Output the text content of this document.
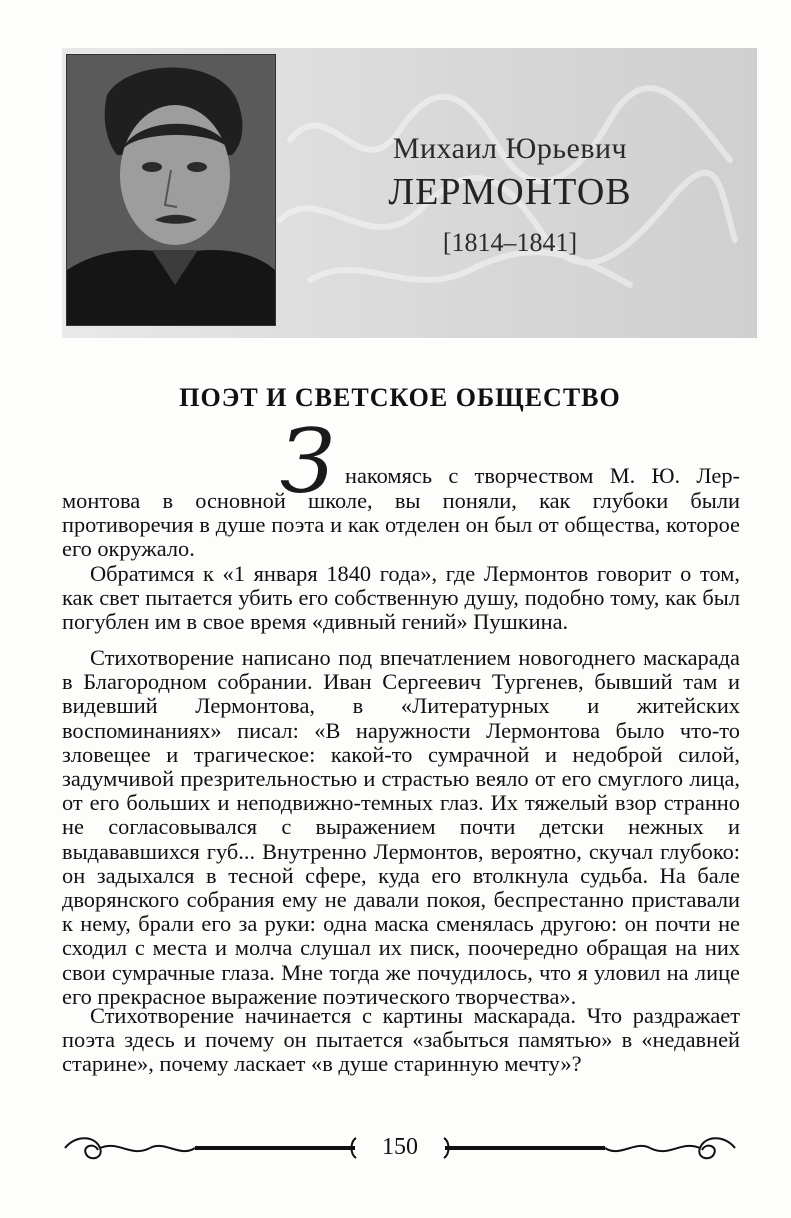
Михаил Юрьевич
ЛЕРМОНТОВ
[1814–1841]
ПОЭТ И СВЕТСКОЕ ОБЩЕСТВО
З накомясь с творчеством М. Ю. Лер-
монтова в основной школе, вы поняли, как глубоки были противоречия в душе поэта и как отделен он был от общества, которое его окружало.
Обратимся к «1 января 1840 года», где Лермонтов говорит о том, как свет пытается убить его собственную душу, подобно тому, как был погублен им в свое время «дивный гений» Пушкина.
Стихотворение написано под впечатлением новогоднего маскарада в Благородном собрании. Иван Сергеевич Тургенев, бывший там и видевший Лермонтова, в «Литературных и житейских воспоминаниях» писал: «В наружности Лермонтова было что-то зловещее и трагическое: какой-то сумрачной и недоброй силой, задумчивой презрительностью и страстью веяло от его смуглого лица, от его больших и неподвижно-темных глаз. Их тяжелый взор странно не согласовывался с выражением почти детски нежных и выдававшихся губ... Внутренно Лермонтов, вероятно, скучал глубоко: он задыхался в тесной сфере, куда его втолкнула судьба. На бале дворянского собрания ему не давали покоя, беспрестанно приставали к нему, брали его за руки: одна маска сменялась другою: он почти не сходил с места и молча слушал их писк, поочередно обращая на них свои сумрачные глаза. Мне тогда же почудилось, что я уловил на лице его прекрасное выражение поэтического творчества».
Стихотворение начинается с картины маскарада. Что раздражает поэта здесь и почему он пытается «забыться памятью» в «недавней старине», почему ласкает «в душе старинную мечту»?
150
